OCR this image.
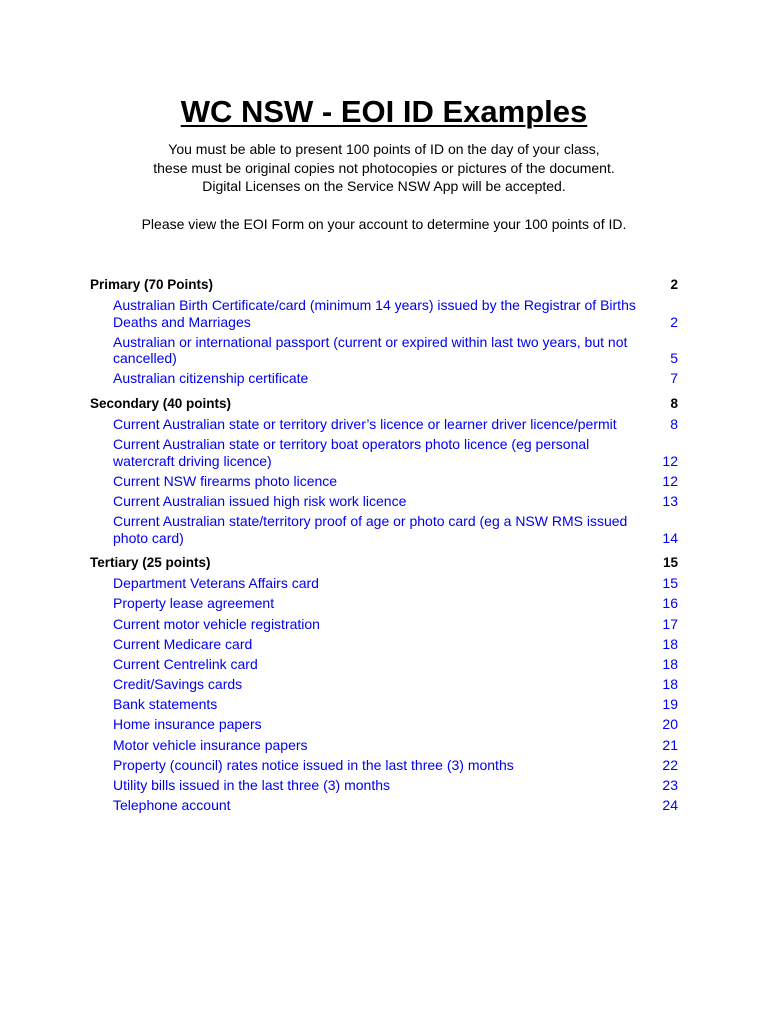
WC NSW - EOI ID Examples
You must be able to present 100 points of ID on the day of your class,
these must be original copies not photocopies or pictures of the document.
Digital Licenses on the Service NSW App will be accepted.
Please view the EOI Form on your account to determine your 100 points of ID.
Primary (70 Points)	2
Australian Birth Certificate/card (minimum 14 years) issued by the Registrar of Births Deaths and Marriages	2
Australian or international passport (current or expired within last two years, but not cancelled)	5
Australian citizenship certificate	7
Secondary (40 points)	8
Current Australian state or territory driver’s licence or learner driver licence/permit	8
Current Australian state or territory boat operators photo licence (eg personal watercraft driving licence)	12
Current NSW firearms photo licence	12
Current Australian issued high risk work licence	13
Current Australian state/territory proof of age or photo card (eg a NSW RMS issued photo card)	14
Tertiary (25 points)	15
Department Veterans Affairs card	15
Property lease agreement	16
Current motor vehicle registration	17
Current Medicare card	18
Current Centrelink card	18
Credit/Savings cards	18
Bank statements	19
Home insurance papers	20
Motor vehicle insurance papers	21
Property (council) rates notice issued in the last three (3) months	22
Utility bills issued in the last three (3) months	23
Telephone account	24
